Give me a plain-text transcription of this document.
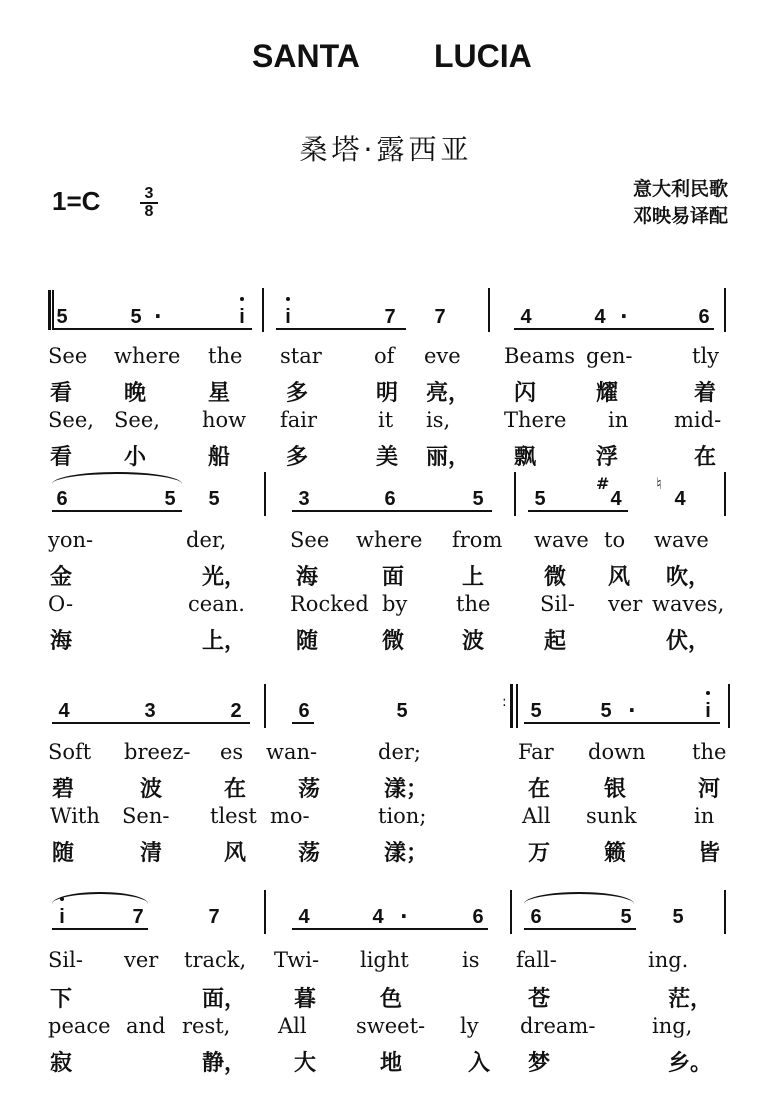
SANTA LUCIA
桑塔·露西亚
1=C	3
8
意大利民歌
邓映易译配
5	5 ·	i	i	7	7	4	4 ·	6
See where the star of eve Beams gen-	tly
看 晚	星	多	明 亮， 闪	耀	着
See, See, how fair	it is,	There in mid-
看 小	船	多	美 丽， 飘	浮	在
6	5	5	3	6	5	5
#
4
♮
4
yon-	der,	See where from wave to wave
金	光， 海	面	上	微 风 吹，
O-	cean. Rocked by the Sil- ver waves,
海	上， 随	微	波	起	伏，
4	3	2	6	5	:	5	5 ·	i
Soft breez- es wan-	der;	Far down the
碧	波	在 荡	漾；	在 银	河
With Sen- tlest mo-	tion;	All sunk	in
随	清	风 荡	漾；	万 籁	皆
i	7	7	4	4 ·	6	6	5	5
Sil- ver track, Twi- light	is fall-	ing.
下	面， 暮	色	苍	茫，
peace and rest, All sweet- ly dream-	ing,
寂	静， 大	地	入 梦	乡。
